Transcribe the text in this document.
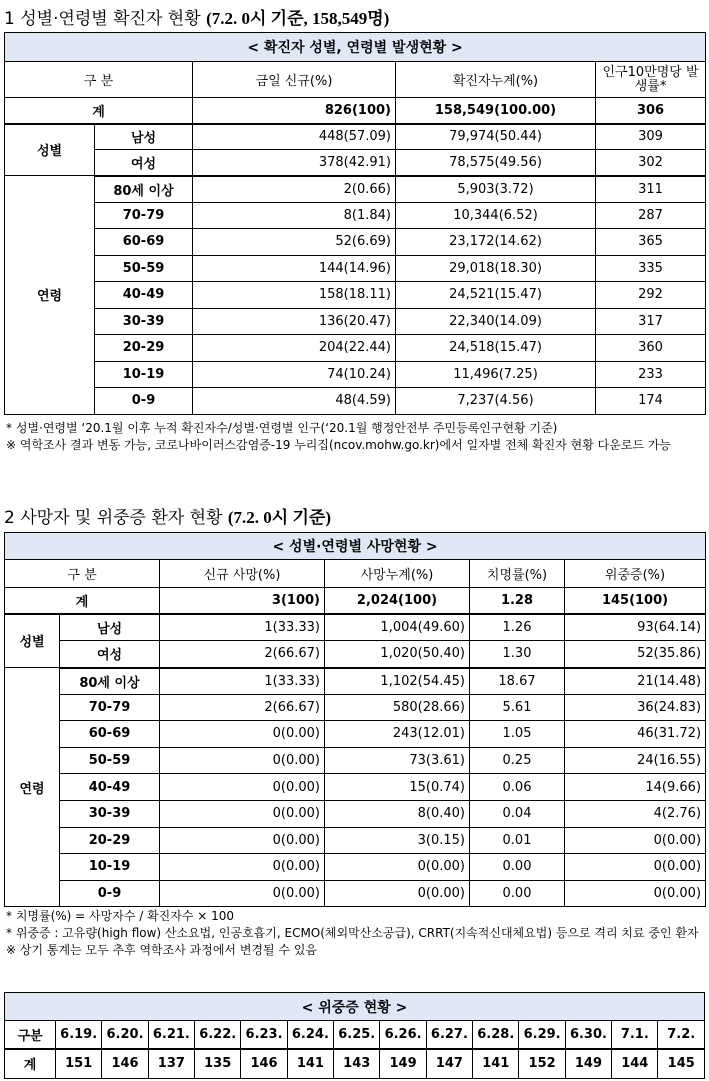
1 성별·연령별 확진자 현황 (7.2. 0시 기준, 158,549명)
< 확진자 성별, 연령별 발생현황 >				
구 분		금일 신규(%)	확진자누계(%)	인구10만명당 발생률*
계		826(100)	158,549(100.00)	306
성별	남성	448(57.09)	79,974(50.44)	309
	여성	378(42.91)	78,575(49.56)	302
연령	80세 이상	2(0.66)	5,903(3.72)	311
	70-79	8(1.84)	10,344(6.52)	287
	60-69	52(6.69)	23,172(14.62)	365
	50-59	144(14.96)	29,018(18.30)	335
	40-49	158(18.11)	24,521(15.47)	292
	30-39	136(20.47)	22,340(14.09)	317
	20-29	204(22.44)	24,518(15.47)	360
	10-19	74(10.24)	11,496(7.25)	233
	0-9	48(4.59)	7,237(4.56)	174

* 성별·연령별 ‘20.1월 이후 누적 확진자수/성별·연령별 인구(‘20.1월 행정안전부 주민등록인구현황 기준)

※ 역학조사 결과 변동 가능, 코로나바이러스감염증-19 누리집(ncov.mohw.go.kr)에서 일자별 전체 확진자 현황 다운로드 가능

2 사망자 및 위중증 환자 현황 (7.2. 0시 기준)
< 성별·연령별 사망현황 >					
구 분		신규 사망(%)	사망누계(%)	치명률(%)	위중증(%)
계		3(100)	2,024(100)	1.28	145(100)
성별	남성	1(33.33)	1,004(49.60)	1.26	93(64.14)
	여성	2(66.67)	1,020(50.40)	1.30	52(35.86)
연령	80세 이상	1(33.33)	1,102(54.45)	18.67	21(14.48)
	70-79	2(66.67)	580(28.66)	5.61	36(24.83)
	60-69	0(0.00)	243(12.01)	1.05	46(31.72)
	50-59	0(0.00)	73(3.61)	0.25	24(16.55)
	40-49	0(0.00)	15(0.74)	0.06	14(9.66)
	30-39	0(0.00)	8(0.40)	0.04	4(2.76)
	20-29	0(0.00)	3(0.15)	0.01	0(0.00)
	10-19	0(0.00)	0(0.00)	0.00	0(0.00)
	0-9	0(0.00)	0(0.00)	0.00	0(0.00)

* 치명률(%) = 사망자수 / 확진자수 × 100

* 위중증 : 고유량(high flow) 산소요법, 인공호흡기, ECMO(체외막산소공급), CRRT(지속적신대체요법) 등으로 격리 치료 중인 환자

※ 상기 통계는 모두 추후 역학조사 과정에서 변경될 수 있음

< 위중증 현황 >														
구분	6.19.	6.20.	6.21.	6.22.	6.23.	6.24.	6.25.	6.26.	6.27.	6.28.	6.29.	6.30.	7.1.	7.2.
계	151	146	137	135	146	141	143	149	147	141	152	149	144	145
